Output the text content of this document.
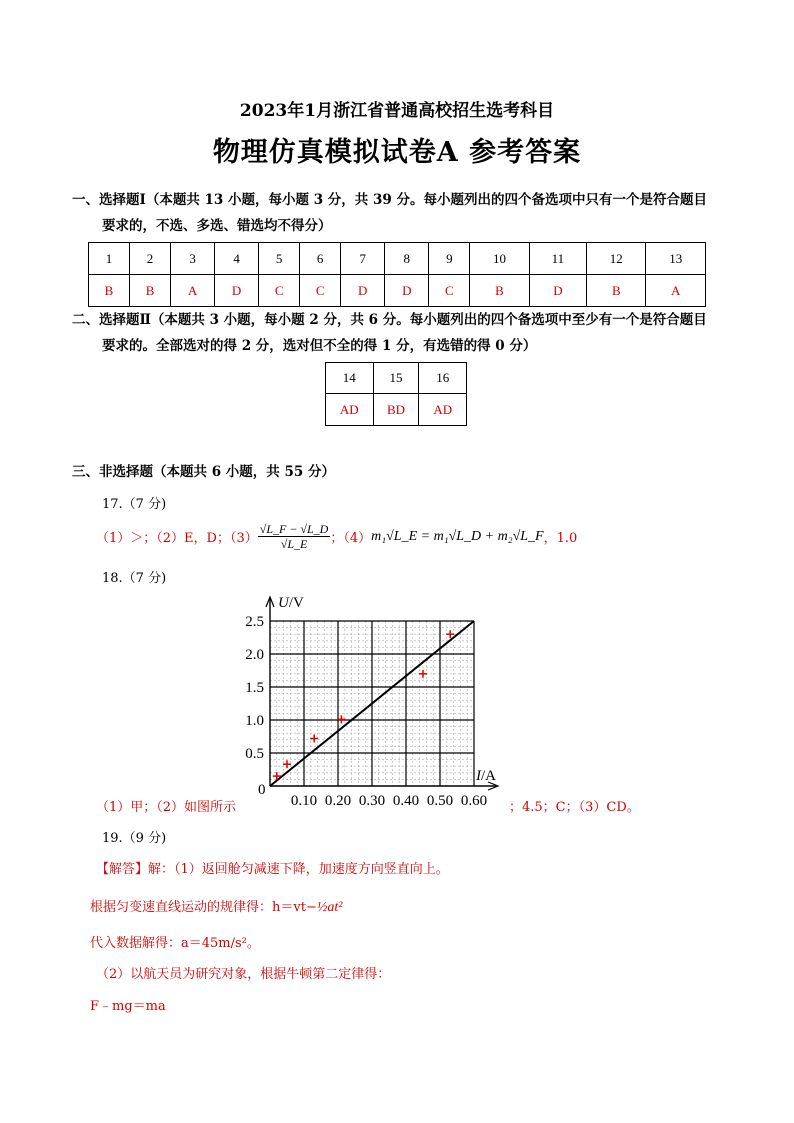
2023年1月浙江省普通高校招生选考科目
物理仿真模拟试卷A 参考答案
一、选择题Ⅰ（本题共 13 小题，每小题 3 分，共 39 分。每小题列出的四个备选项中只有一个是符合题目
要求的，不选、多选、错选均不得分）
1	2	3	4	5	6	7	8	9	10	11	12	13
B	B	A	D	C	C	D	D	C	B	D	B	A
二、选择题Ⅱ（本题共 3 小题，每小题 2 分，共 6 分。每小题列出的四个备选项中至少有一个是符合题目
要求的。全部选对的得 2 分，选对但不全的得 1 分，有选错的得 0 分）
14	15	16
AD	BD	AD
三、非选择题（本题共 6 小题，共 55 分）
17.（7 分)
（1）＞；（2）E，D；$(3) \frac{√L\_F - √L\_D}{√L\_E}$ ；（4） m₁√L_E = m₁√L_D + m₂√L_F ，1.0
18.（7 分)
U/V
I/A
0
0.10 0.20 0.30 0.40 0.50 0.60
0.5
1.0
1.5
2.0
2.5
（1）甲；（2）如图所示	；4.5；C；（3）CD。
19.（9 分)
【解答】解：（1）返回舱匀减速下降，加速度方向竖直向上。
根据匀变速直线运动的规律得：h＝vt−½at²
代入数据解得：a＝45m/s²。
（2）以航天员为研究对象，根据牛顿第二定律得：
F﹣mg＝ma
